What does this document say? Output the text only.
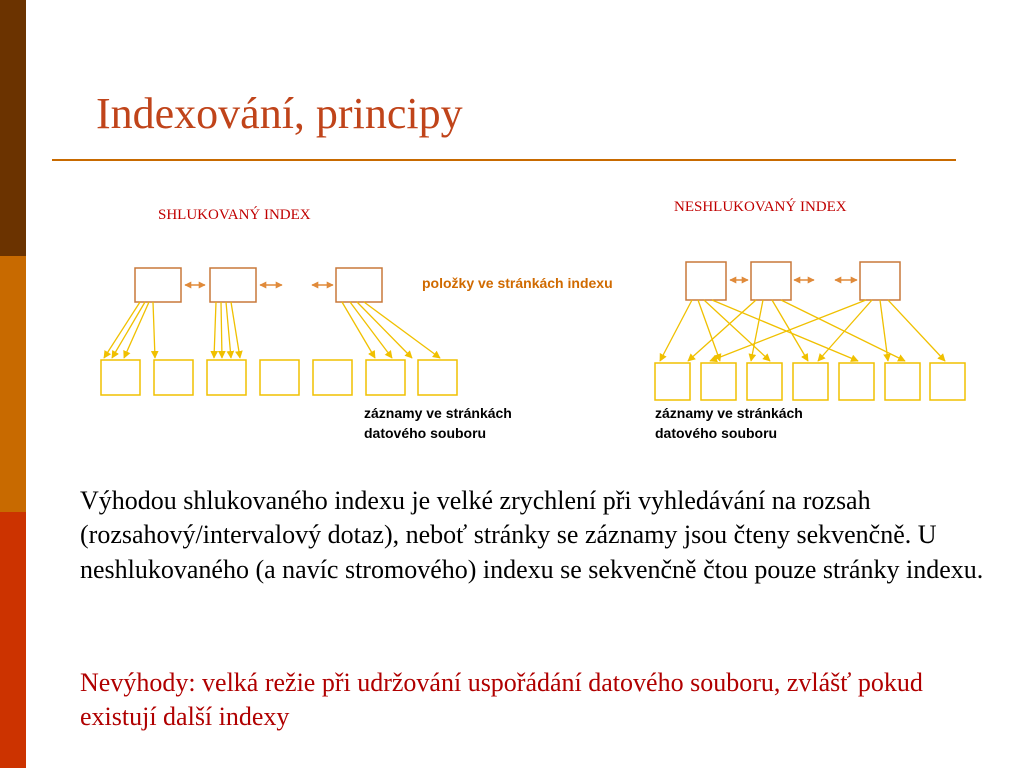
Indexování, principy

SHLUKOVANÝ INDEX	NESHLUKOVANÝ INDEX

položky ve stránkách indexu

záznamy ve stránkách
datového souboru
záznamy ve stránkách
datového souboru

Výhodou shlukovaného indexu je velké zrychlení při vyhledávání na rozsah (rozsahový/intervalový dotaz), neboť stránky se záznamy jsou čteny sekvenčně. U neshlukovaného (a navíc stromového) indexu se sekvenčně čtou pouze stránky indexu.

Nevýhody: velká režie při udržování uspořádání datového souboru, zvlášť pokud existují další indexy
